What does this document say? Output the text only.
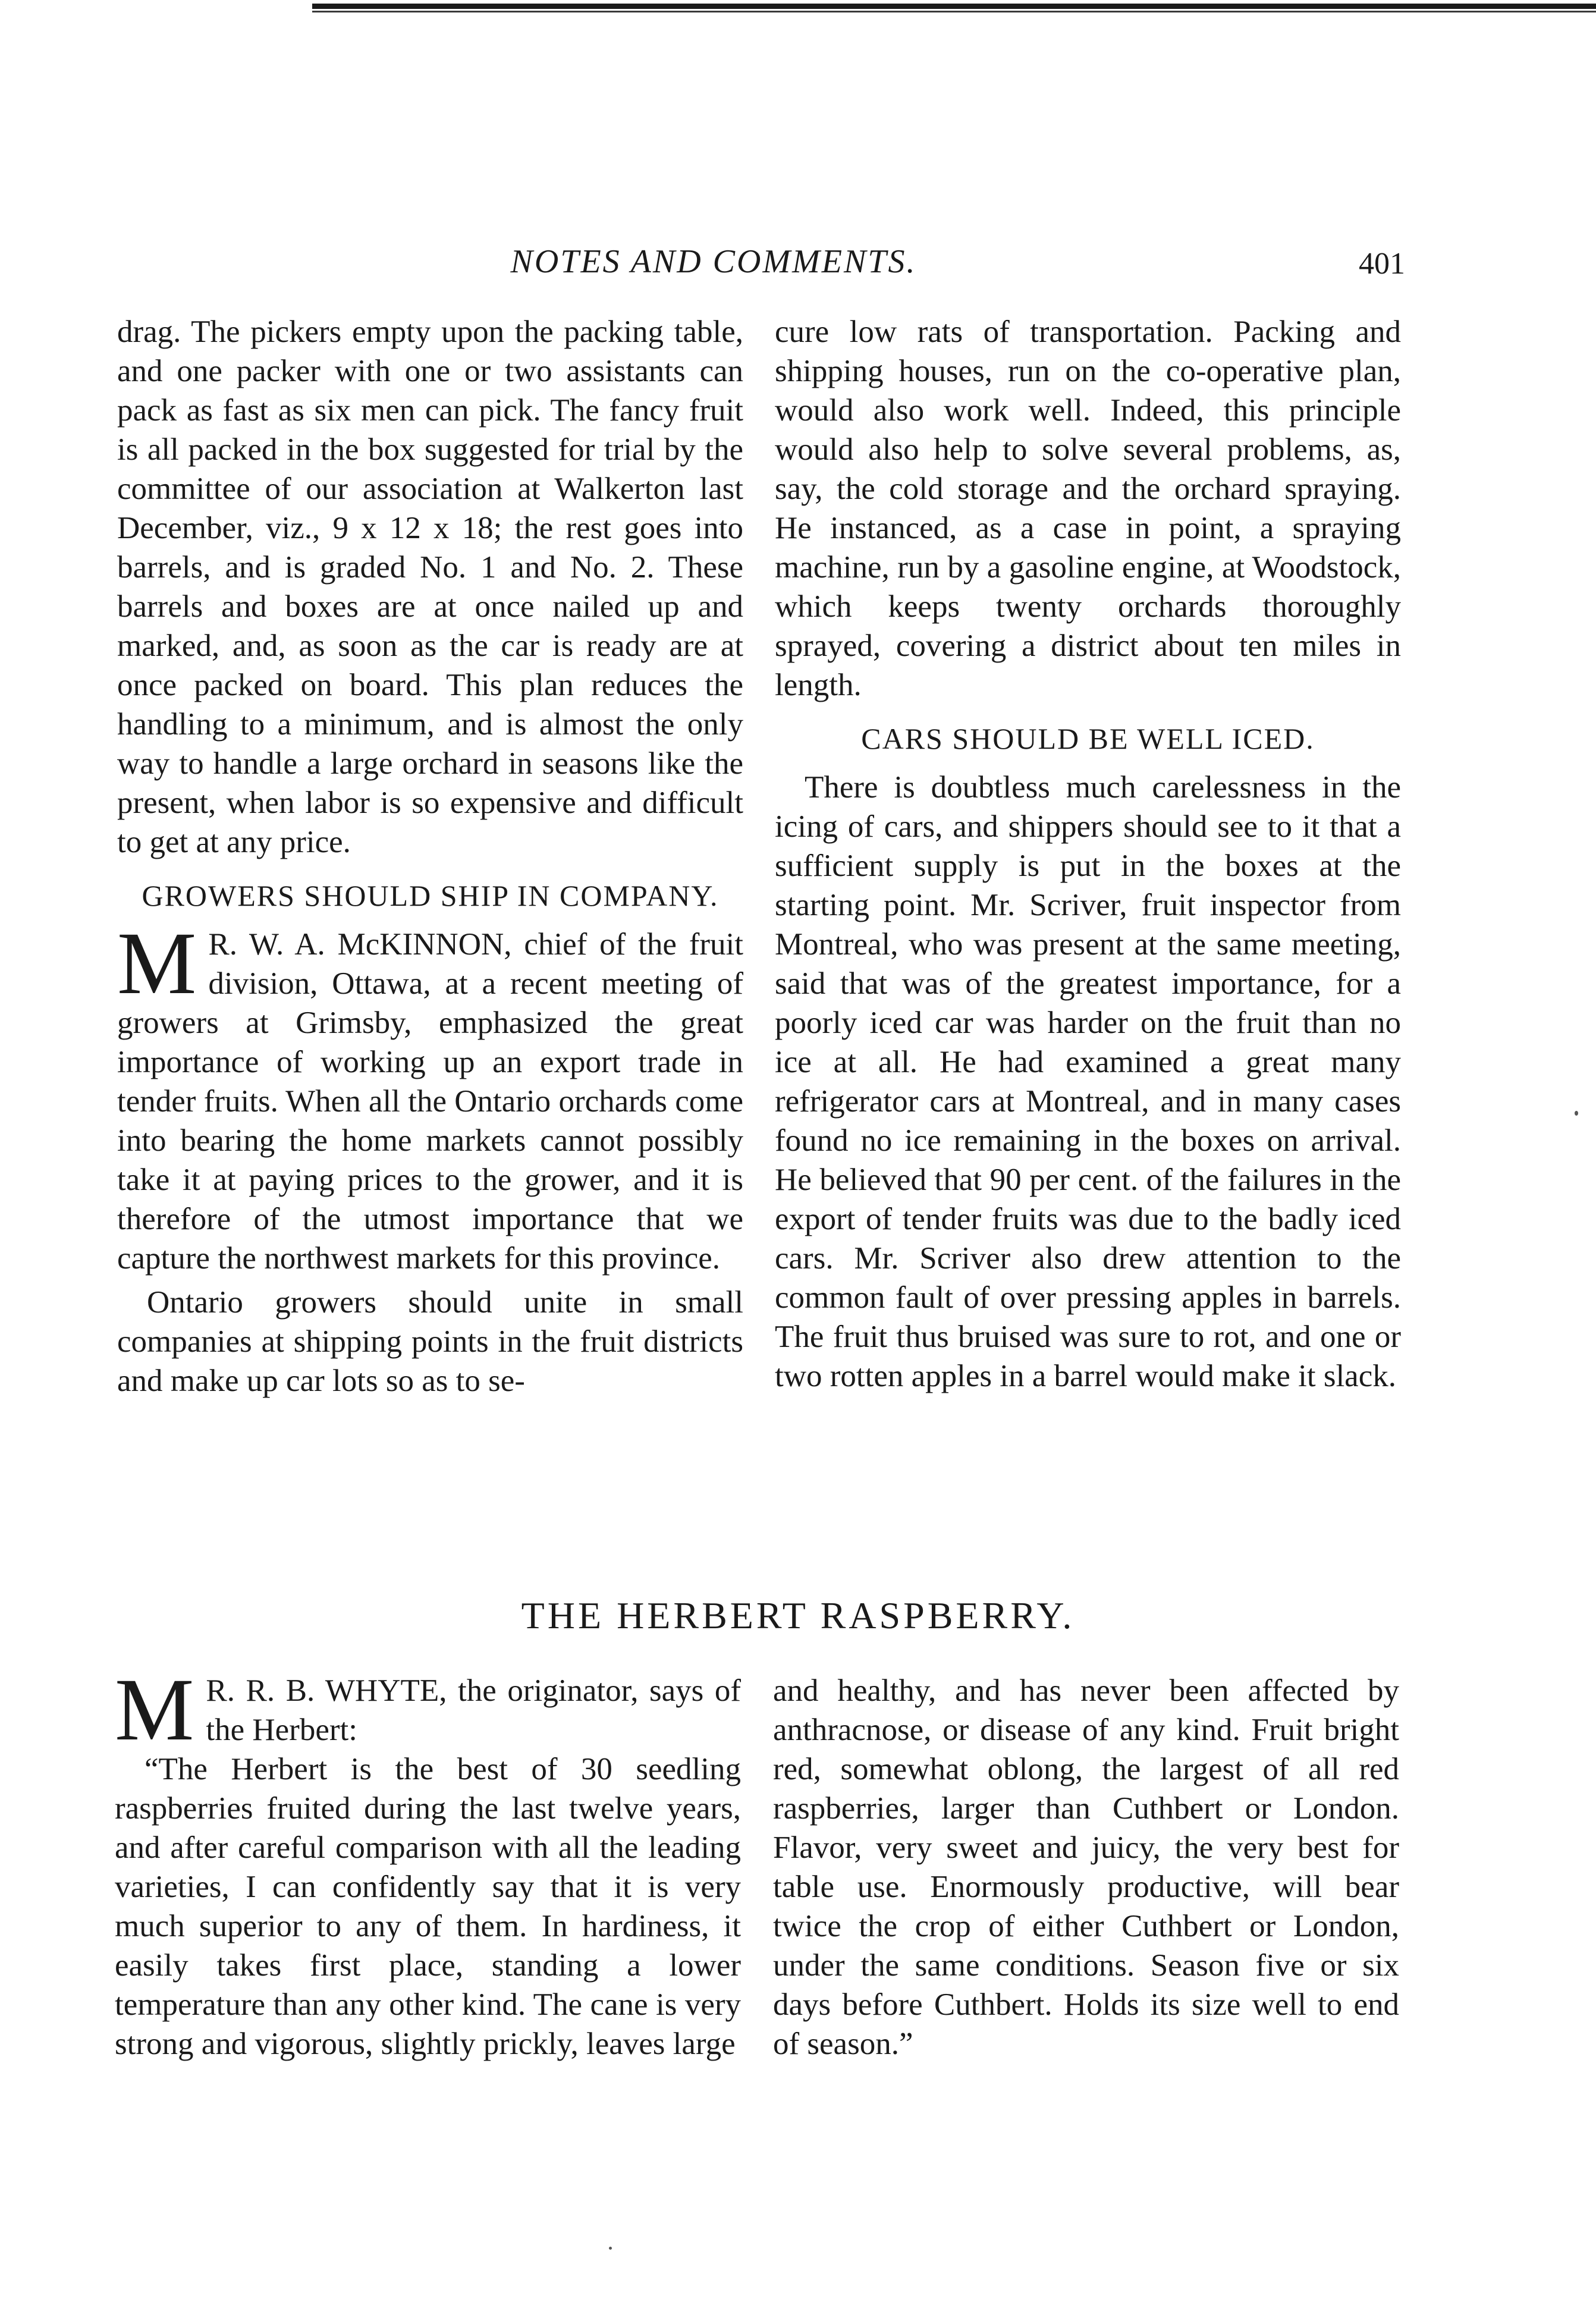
NOTES AND COMMENTS.	401

drag. The pickers empty upon the packing table, and one packer with one or two assistants can pack as fast as six men can pick. The fancy fruit is all packed in the box suggested for trial by the committee of our association at Walkerton last December, viz., 9 x 12 x 18; the rest goes into barrels, and is graded No. 1 and No. 2. These barrels and boxes are at once nailed up and marked, and, as soon as the car is ready are at once packed on board. This plan reduces the handling to a minimum, and is almost the only way to handle a large orchard in seasons like the present, when labor is so expensive and difficult to get at any price.

GROWERS SHOULD SHIP IN COMPANY.

M R. W. A. McKINNON, chief of the fruit division, Ottawa, at a recent meeting of growers at Grimsby, emphasized the great importance of working up an export trade in tender fruits. When all the Ontario orchards come into bearing the home markets cannot possibly take it at paying prices to the grower, and it is therefore of the utmost importance that we capture the northwest markets for this province.

Ontario growers should unite in small companies at shipping points in the fruit districts and make up car lots so as to se-

cure low rats of transportation. Packing and shipping houses, run on the co-operative plan, would also work well. Indeed, this principle would also help to solve several problems, as, say, the cold storage and the orchard spraying. He instanced, as a case in point, a spraying machine, run by a gasoline engine, at Woodstock, which keeps twenty orchards thoroughly sprayed, covering a district about ten miles in length.

CARS SHOULD BE WELL ICED.

There is doubtless much carelessness in the icing of cars, and shippers should see to it that a sufficient supply is put in the boxes at the starting point. Mr. Scriver, fruit inspector from Montreal, who was present at the same meeting, said that was of the greatest importance, for a poorly iced car was harder on the fruit than no ice at all. He had examined a great many refrigerator cars at Montreal, and in many cases found no ice remaining in the boxes on arrival. He believed that 90 per cent. of the failures in the export of tender fruits was due to the badly iced cars. Mr. Scriver also drew attention to the common fault of over pressing apples in barrels. The fruit thus bruised was sure to rot, and one or two rotten apples in a barrel would make it slack.

THE HERBERT RASPBERRY.

M R. R. B. WHYTE, the originator, says of the Herbert:

“The Herbert is the best of 30 seedling raspberries fruited during the last twelve years, and after careful comparison with all the leading varieties, I can confidently say that it is very much superior to any of them. In hardiness, it easily takes first place, standing a lower temperature than any other kind. The cane is very strong and vigorous, slightly prickly, leaves large

and healthy, and has never been affected by anthracnose, or disease of any kind. Fruit bright red, somewhat oblong, the largest of all red raspberries, larger than Cuthbert or London. Flavor, very sweet and juicy, the very best for table use. Enormously productive, will bear twice the crop of either Cuthbert or London, under the same conditions. Season five or six days before Cuthbert. Holds its size well to end of season.”
